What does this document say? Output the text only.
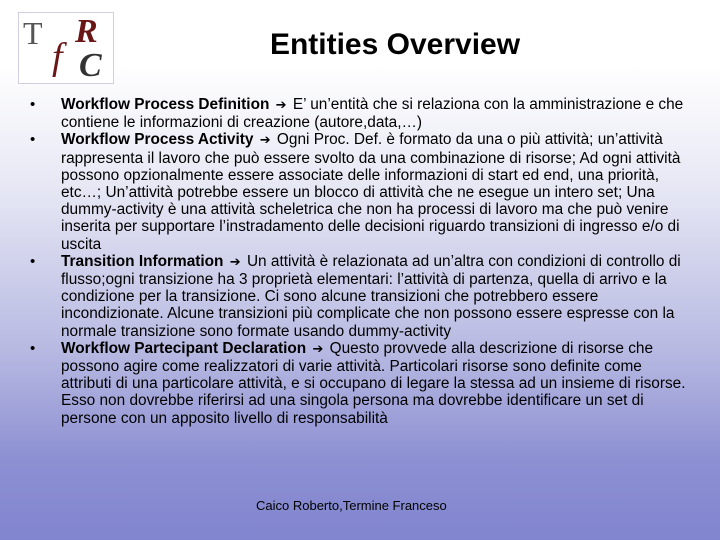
T
f
R
C
Entities Overview
• Workflow Process Definition ➔ E’ un’entità che si relaziona con la amministrazione e che contiene le informazioni di creazione (autore,data,…)
• Workflow Process Activity ➔ Ogni Proc. Def. è formato da una o più attività; un’attività rappresenta il lavoro che può essere svolto da una combinazione di risorse; Ad ogni attività possono opzionalmente essere associate delle informazioni di start ed end, una priorità, etc…; Un’attività potrebbe essere un blocco di attività che ne esegue un intero set; Una dummy-activity è una attività scheletrica che non ha processi di lavoro ma che può venire inserita per supportare l’instradamento delle decisioni riguardo transizioni di ingresso e/o di uscita
• Transition Information ➔ Un attività è relazionata ad un’altra con condizioni di controllo di flusso;ogni transizione ha 3 proprietà elementari: l’attività di partenza, quella di arrivo e la condizione per la transizione. Ci sono alcune transizioni che potrebbero essere incondizionate. Alcune transizioni più complicate che non possono essere espresse con la normale transizione sono formate usando dummy-activity
• Workflow Partecipant Declaration ➔ Questo provvede alla descrizione di risorse che possono agire come realizzatori di varie attività. Particolari risorse sono definite come attributi di una particolare attività, e si occupano di legare la stessa ad un insieme di risorse. Esso non dovrebbe riferirsi ad una singola persona ma dovrebbe identificare un set di persone con un apposito livello di responsabilità
Caico Roberto,Termine Franceso
